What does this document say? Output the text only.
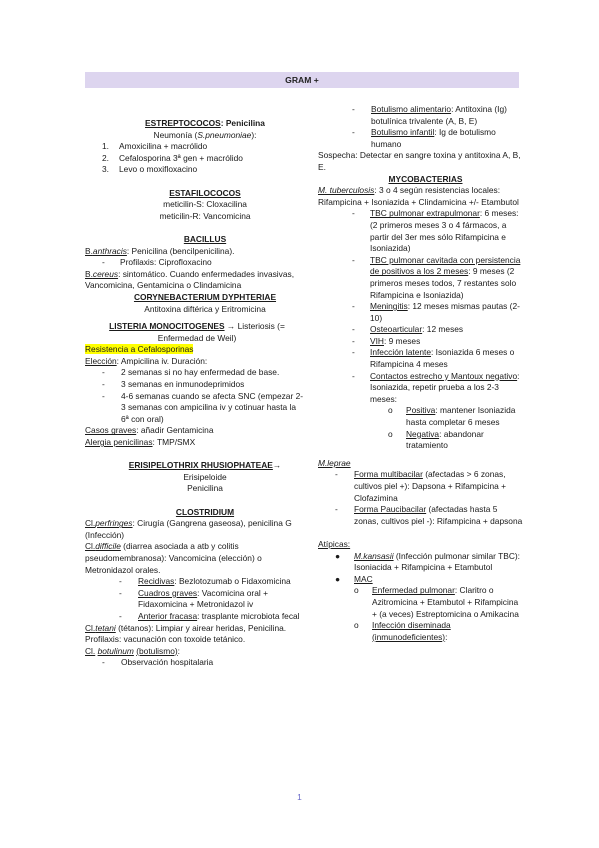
GRAM +
ESTREPTOCOCOS: Penicilina
Neumonía (S.pneumoniae):
1.	Amoxicilina + macrólido
2.	Cefalosporina 3ª gen + macrólido
3.	Levo o moxifloxacino
ESTAFILOCOCOS
meticilin-S: Cloxacilina
meticilin-R: Vancomicina
BACILLUS
B.anthracis: Penicilina (bencilpenicilina).
-	Profilaxis: Ciprofloxacino
B.cereus: sintomático. Cuando enfermedades invasivas, Vancomicina, Gentamicina o Clindamicina
CORYNEBACTERIUM DYPHTERIAE
Antitoxina diftérica y Eritromicina
LISTERIA MONOCITOGENES → Listeriosis (= Enfermedad de Weil)
Resistencia a Cefalosporinas
Elección: Ampicilina iv. Duración:
-	2 semanas si no hay enfermedad de base.
-	3 semanas en inmunodeprimidos
-	4-6 semanas cuando se afecta SNC (empezar 2-3 semanas con ampicilina iv y cotinuar hasta la 6ª con oral)
Casos graves: añadir Gentamicina
Alergia penicilinas: TMP/SMX
ERISIPELOTHRIX RHUSIOPHATEAE→
Erisipeloide
Penicilina
CLOSTRIDIUM
Cl.perfringes: Cirugía (Gangrena gaseosa), penicilina G (Infección)
Cl.difficile (diarrea asociada a atb y colitis pseudomembranosa): Vancomicina (elección) o Metronidazol orales.
-	Recidivas: Bezlotozumab o Fidaxomicina
-	Cuadros graves: Vacomicina oral + Fidaxomicina + Metronidazol iv
-	Anterior fracasa: trasplante microbiota fecal
Cl.tetani (tétanos): Limpiar y airear heridas, Penicilina. Profilaxis: vacunación con toxoide tetánico.
Cl. botulinum (botulismo):
-	Observación hospitalaria
-	Botulismo alimentario: Antitoxina (Ig) botulínica trivalente (A, B, E)
-	Botulismo infantil: Ig de botulismo humano
Sospecha: Detectar en sangre toxina y antitoxina A, B, E.
MYCOBACTERIAS
M. tuberculosis: 3 o 4 según resistencias locales: Rifampicina + Isoniazida + Clindamicina +/- Etambutol
-	TBC pulmonar extrapulmonar: 6 meses: (2 primeros meses 3 o 4 fármacos, a partir del 3er mes sólo Rifampicina e Isoniazida)
-	TBC pulmonar cavitada con persistencia de positivos a los 2 meses: 9 meses (2 primeros meses todos, 7 restantes solo Rifampicina e Isoniazida)
-	Meningitis: 12 meses mismas pautas (2-10)
-	Osteoarticular: 12 meses
-	VIH: 9 meses
-	Infección latente: Isoniazida 6 meses o Rifampicina 4 meses
-	Contactos estrecho y Mantoux negativo: Isoniazida, repetir prueba a los 2-3 meses:
o	Positiva: mantener Isoniazida hasta completar 6 meses
o	Negativa: abandonar tratamiento
M.leprae
-	Forma multibacilar (afectadas > 6 zonas, cultivos piel +): Dapsona + Rifampicina + Clofazimina
-	Forma Paucibacilar (afectadas hasta 5 zonas, cultivos piel -): Rifampicina + dapsona
Atípicas:
●	M.kansasii (Infección pulmonar similar TBC): Isoniacida + Rifampicina + Etambutol
●	MAC
o	Enfermedad pulmonar: Claritro o Azitromicina + Etambutol + Rifampicina + (a veces) Estreptomicina o Amikacina
o	Infección diseminada (inmunodeficientes):
1
